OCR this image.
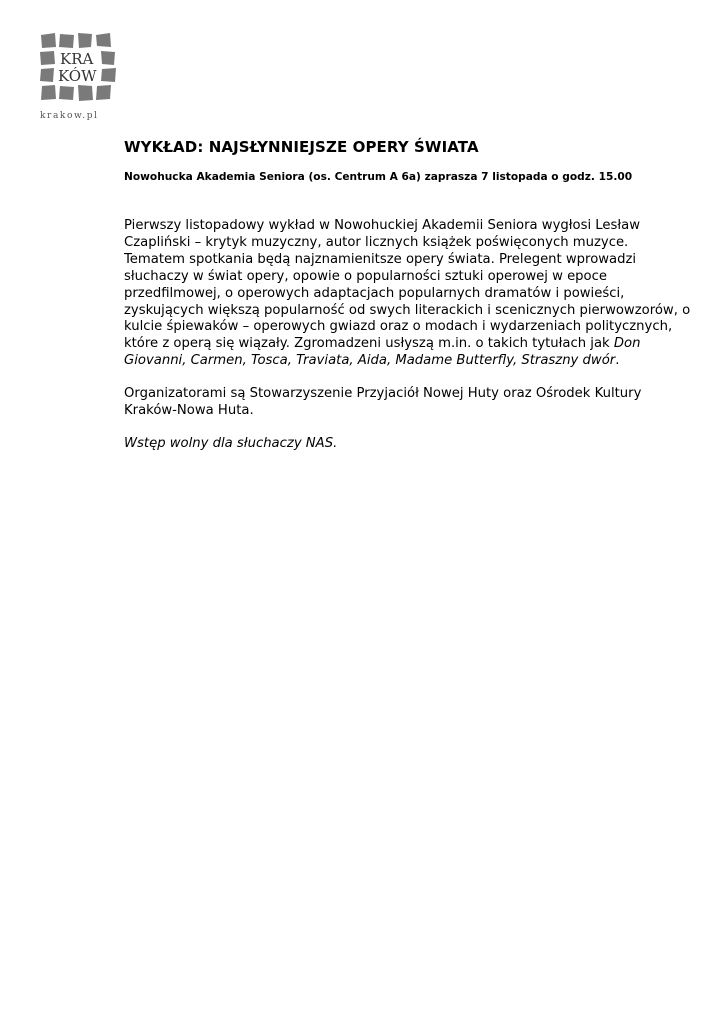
KRA
KÓW
krakow.pl
WYKŁAD: NAJSŁYNNIEJSZE OPERY ŚWIATA

Nowohucka Akademia Seniora (os. Centrum A 6a) zaprasza 7 listopada o godz. 15.00

Pierwszy listopadowy wykład w Nowohuckiej Akademii Seniora wygłosi Lesław
Czapliński – krytyk muzyczny, autor licznych książek poświęconych muzyce.
Tematem spotkania będą najznamienitsze opery świata. Prelegent wprowadzi
słuchaczy w świat opery, opowie o popularności sztuki operowej w epoce
przedfilmowej, o operowych adaptacjach popularnych dramatów i powieści,
zyskujących większą popularność od swych literackich i scenicznych pierwowzorów, o
kulcie śpiewaków – operowych gwiazd oraz o modach i wydarzeniach politycznych,
które z operą się wiązały. Zgromadzeni usłyszą m.in. o takich tytułach jak Don
Giovanni, Carmen, Tosca, Traviata, Aida, Madame Butterfly, Straszny dwór.

Organizatorami są Stowarzyszenie Przyjaciół Nowej Huty oraz Ośrodek Kultury
Kraków-Nowa Huta.

Wstęp wolny dla słuchaczy NAS.
